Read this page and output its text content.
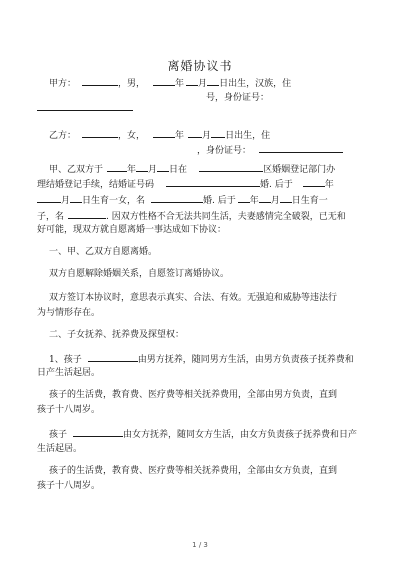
离婚协议书
甲方：	，男，	年 月 日出生，汉族，住
号，身份证号：
乙方：	，女，	年 月 日出生，住
，身份证号：
甲、乙双方于	年 月 日在	区婚姻登记部门办
理结婚登记手续，结婚证号码	婚. 后于	年
月 日生育一女，名	婚. 后于 年 月 日生育一
子，名	. 因双方性格不合无法共同生活，夫妻感情完全破裂，已无和
好可能，现双方就自愿离婚一事达成如下协议：
一、甲、乙双方自愿离婚。
双方自愿解除婚姻关系，自愿签订离婚协议。
双方签订本协议时，意思表示真实、合法、有效。无强迫和威胁等违法行
为与情形存在。
二、子女抚养、抚养费及探望权：
1、孩子	由男方抚养，随同男方生活，由男方负责孩子抚养费和
日产生活起居。
孩子的生活费，教育费、医疗费等相关抚养费用，全部由男方负责，直到
孩子十八周岁。
孩子	由女方抚养，随同女方生活，由女方负责孩子抚养费和日产
生活起居。
孩子的生活费，教育费、医疗费等相关抚养费用，全部由女方负责，直到
孩子十八周岁。
1 / 3
